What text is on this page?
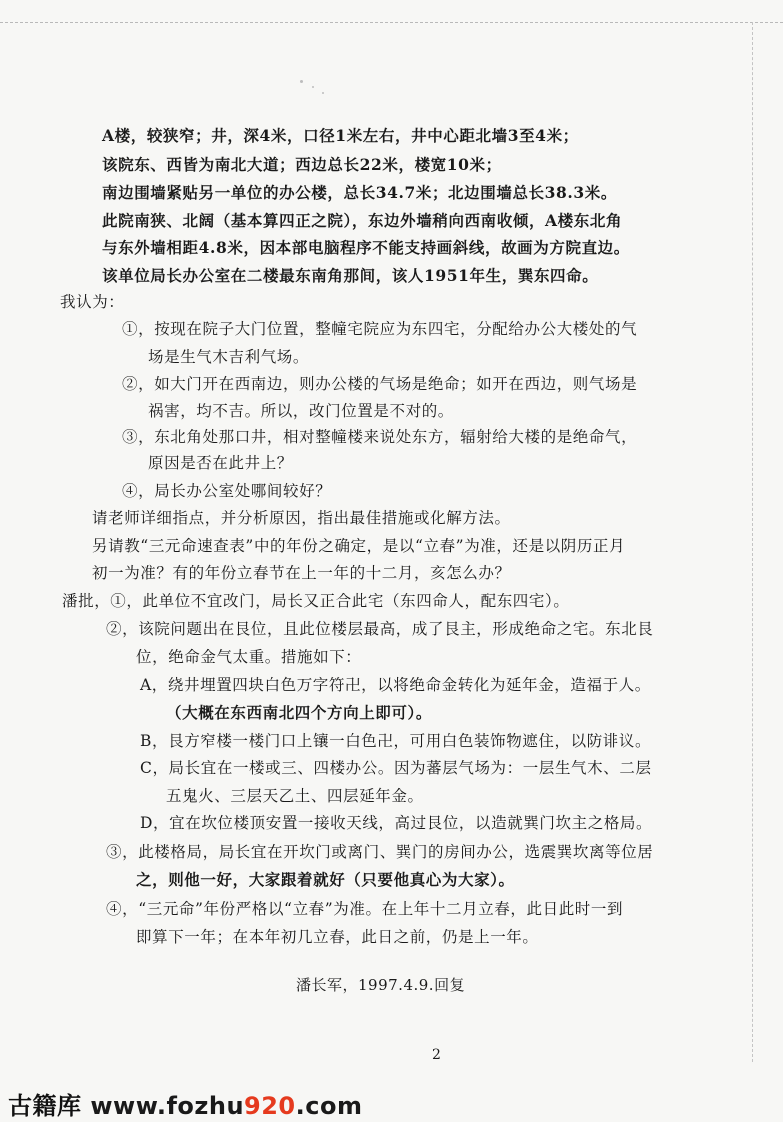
A楼，较狭窄；井，深4米，口径1米左右，井中心距北墙3至4米；
该院东、西皆为南北大道；西边总长22米，楼宽10米；
南边围墙紧贴另一单位的办公楼，总长34.7米；北边围墙总长38.3米。
此院南狭、北阔（基本算四正之院），东边外墙稍向西南收倾，A楼东北角
与东外墙相距4.8米，因本部电脑程序不能支持画斜线，故画为方院直边。
该单位局长办公室在二楼最东南角那间，该人1951年生，巽东四命。
我认为：
①，按现在院子大门位置，整幢宅院应为东四宅，分配给办公大楼处的气
场是生气木吉利气场。
②，如大门开在西南边，则办公楼的气场是绝命；如开在西边，则气场是
祸害，均不吉。所以，改门位置是不对的。
③，东北角处那口井，相对整幢楼来说处东方，辐射给大楼的是绝命气，
原因是否在此井上？
④，局长办公室处哪间较好？
请老师详细指点，并分析原因，指出最佳措施或化解方法。
另请教“三元命速查表”中的年份之确定，是以“立春”为准，还是以阴历正月
初一为准？有的年份立春节在上一年的十二月，亥怎么办？
潘批，①，此单位不宜改门，局长又正合此宅（东四命人，配东四宅）。
②，该院问题出在艮位，且此位楼层最高，成了艮主，形成绝命之宅。东北艮
位，绝命金气太重。措施如下：
A，绕井埋置四块白色万字符卍，以将绝命金转化为延年金，造福于人。
（大概在东西南北四个方向上即可）。
B，艮方窄楼一楼门口上镶一白色卍，可用白色装饰物遮住，以防诽议。
C，局长宜在一楼或三、四楼办公。因为蕃层气场为：一层生气木、二层
五鬼火、三层天乙土、四层延年金。
D，宜在坎位楼顶安置一接收天线，高过艮位，以造就巽门坎主之格局。
③，此楼格局，局长宜在开坎门或离门、巽门的房间办公，选震巽坎离等位居
之，则他一好，大家跟着就好（只要他真心为大家）。
④，“三元命”年份严格以“立春”为准。在上年十二月立春，此日此时一到
即算下一年；在本年初几立春，此日之前，仍是上一年。
潘长军，1997.4.9.回复
2
古籍库 www.fozhu920.com
